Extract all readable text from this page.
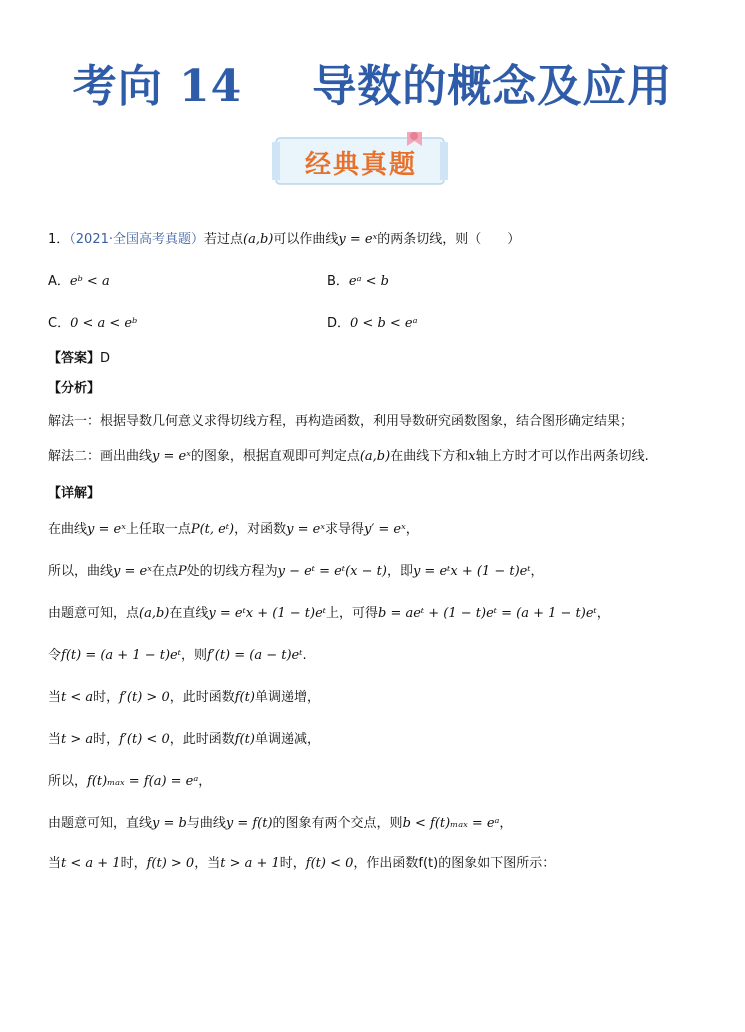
考向 14 导数的概念及应用
经典真题
1．（2021·全国高考真题）若过点(a,b)可以作曲线y = eˣ的两条切线，则（　　）
A．eᵇ < a	B．eᵃ < b
C．0 < a < eᵇ	D．0 < b < eᵃ
【答案】D
【分析】
解法一：根据导数几何意义求得切线方程，再构造函数，利用导数研究函数图象，结合图形确定结果；
解法二：画出曲线y = eˣ的图象，根据直观即可判定点(a,b)在曲线下方和x轴上方时才可以作出两条切线.
【详解】
在曲线y = eˣ上任取一点P(t, eᵗ)，对函数y = eˣ求导得y′ = eˣ，
所以，曲线y = eˣ在点P处的切线方程为y − eᵗ = eᵗ(x − t)，即y = eᵗx + (1 − t)eᵗ，
由题意可知，点(a,b)在直线y = eᵗx + (1 − t)eᵗ上，可得b = aeᵗ + (1 − t)eᵗ = (a + 1 − t)eᵗ，
令f(t) = (a + 1 − t)eᵗ，则f′(t) = (a − t)eᵗ.
当t < a时，f′(t) > 0，此时函数f(t)单调递增，
当t > a时，f′(t) < 0，此时函数f(t)单调递减，
所以，f(t)ₘₐₓ = f(a) = eᵃ，
由题意可知，直线y = b与曲线y = f(t)的图象有两个交点，则b < f(t)ₘₐₓ = eᵃ，
当t < a + 1时，f(t) > 0，当t > a + 1时，f(t) < 0，作出函数f(t)的图象如下图所示：
